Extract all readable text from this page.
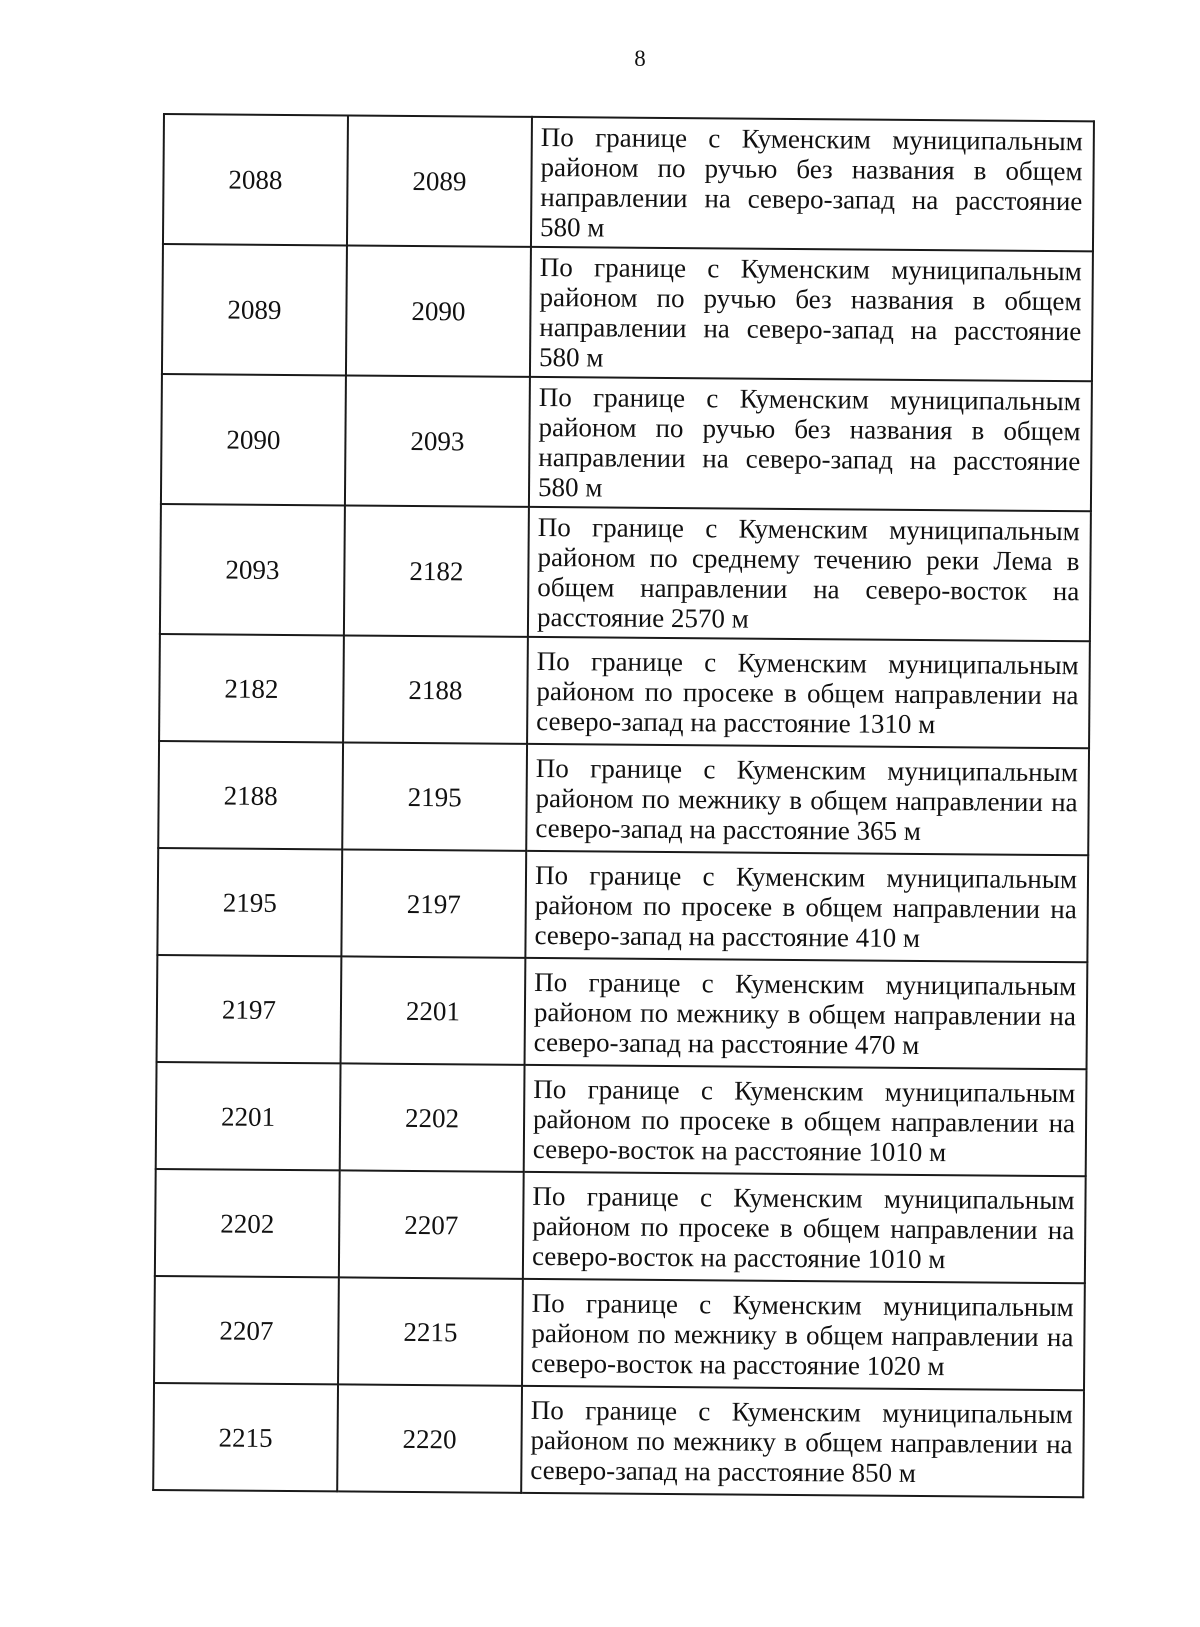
8
2088	2089	По границе с Куменским муниципальным районом по ручью без названия в общем направлении на северо-запад на расстояние 580 м
2089	2090	По границе с Куменским муниципальным районом по ручью без названия в общем направлении на северо-запад на расстояние 580 м
2090	2093	По границе с Куменским муниципальным районом по ручью без названия в общем направлении на северо-запад на расстояние 580 м
2093	2182	По границе с Куменским муниципальным районом по среднему течению реки Лема в общем направлении на северо-восток на расстояние 2570 м
2182	2188	По границе с Куменским муниципальным районом по просеке в общем направлении на северо-запад на расстояние 1310 м
2188	2195	По границе с Куменским муниципальным районом по межнику в общем направлении на северо-запад на расстояние 365 м
2195	2197	По границе с Куменским муниципальным районом по просеке в общем направлении на северо-запад на расстояние 410 м
2197	2201	По границе с Куменским муниципальным районом по межнику в общем направлении на северо-запад на расстояние 470 м
2201	2202	По границе с Куменским муниципальным районом по просеке в общем направлении на северо-восток на расстояние 1010 м
2202	2207	По границе с Куменским муниципальным районом по просеке в общем направлении на северо-восток на расстояние 1010 м
2207	2215	По границе с Куменским муниципальным районом по межнику в общем направлении на северо-восток на расстояние 1020 м
2215	2220	По границе с Куменским муниципальным районом по межнику в общем направлении на северо-запад на расстояние 850 м
